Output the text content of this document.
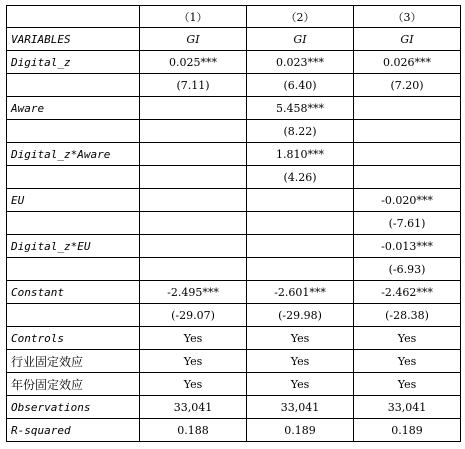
	（1）	（2）	（3）
VARIABLES	GI	GI	GI
Digital_z	0.025***	0.023***	0.026***
	(7.11)	(6.40)	(7.20)
Aware		5.458***	
		(8.22)	
Digital_z*Aware		1.810***	
		(4.26)	
EU			-0.020***
			(-7.61)
Digital_z*EU			-0.013***
			(-6.93)
Constant	-2.495***	-2.601***	-2.462***
	(-29.07)	(-29.98)	(-28.38)
Controls	Yes	Yes	Yes
行业固定效应	Yes	Yes	Yes
年份固定效应	Yes	Yes	Yes
Observations	33,041	33,041	33,041
R-squared	0.188	0.189	0.189
